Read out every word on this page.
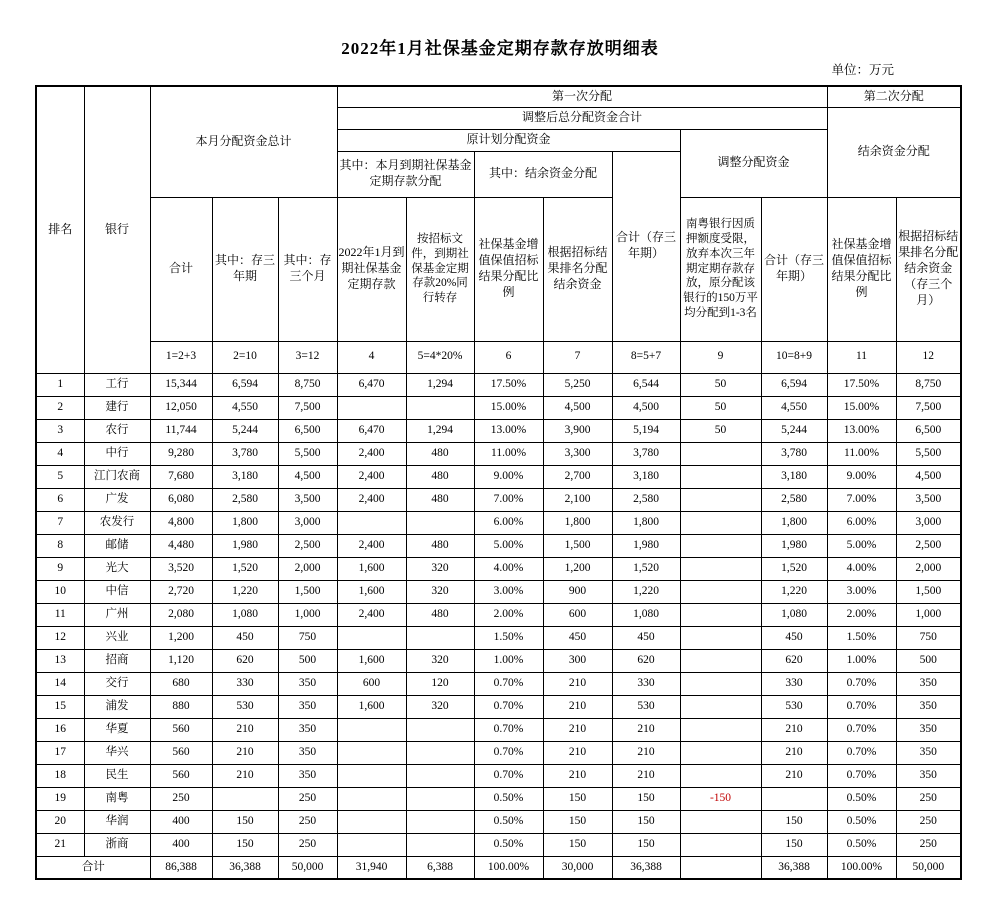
2022年1月社保基金定期存款存放明细表
单位：万元
排名	银行	本月分配资金总计			第一次分配							第二次分配	
					调整后总分配资金合计							结余资金分配	
					原计划分配资金					调整分配资金			
					其中：本月到期社保基金定期存款分配		其中：结余资金分配		合计（存三年期）				
		合计	其中：存三年期	其中：存三个月	2022年1月到期社保基金定期存款	按招标文件，到期社保基金定期存款20%同行转存	社保基金增值保值招标结果分配比例	根据招标结果排名分配结余资金		南粤银行因质押额度受限，放弃本次三年期定期存款存放，原分配该银行的150万平均分配到1-3名	合计（存三年期）	社保基金增值保值招标结果分配比例	根据招标结果排名分配结余资金（存三个月）
		1=2+3	2=10	3=12	4	5=4*20%	6	7	8=5+7	9	10=8+9	11	12
1	工行	15,344	6,594	8,750	6,470	1,294	17.50%	5,250	6,544	50	6,594	17.50%	8,750
2	建行	12,050	4,550	7,500			15.00%	4,500	4,500	50	4,550	15.00%	7,500
3	农行	11,744	5,244	6,500	6,470	1,294	13.00%	3,900	5,194	50	5,244	13.00%	6,500
4	中行	9,280	3,780	5,500	2,400	480	11.00%	3,300	3,780		3,780	11.00%	5,500
5	江门农商	7,680	3,180	4,500	2,400	480	9.00%	2,700	3,180		3,180	9.00%	4,500
6	广发	6,080	2,580	3,500	2,400	480	7.00%	2,100	2,580		2,580	7.00%	3,500
7	农发行	4,800	1,800	3,000			6.00%	1,800	1,800		1,800	6.00%	3,000
8	邮储	4,480	1,980	2,500	2,400	480	5.00%	1,500	1,980		1,980	5.00%	2,500
9	光大	3,520	1,520	2,000	1,600	320	4.00%	1,200	1,520		1,520	4.00%	2,000
10	中信	2,720	1,220	1,500	1,600	320	3.00%	900	1,220		1,220	3.00%	1,500
11	广州	2,080	1,080	1,000	2,400	480	2.00%	600	1,080		1,080	2.00%	1,000
12	兴业	1,200	450	750			1.50%	450	450		450	1.50%	750
13	招商	1,120	620	500	1,600	320	1.00%	300	620		620	1.00%	500
14	交行	680	330	350	600	120	0.70%	210	330		330	0.70%	350
15	浦发	880	530	350	1,600	320	0.70%	210	530		530	0.70%	350
16	华夏	560	210	350			0.70%	210	210		210	0.70%	350
17	华兴	560	210	350			0.70%	210	210		210	0.70%	350
18	民生	560	210	350			0.70%	210	210		210	0.70%	350
19	南粤	250		250			0.50%	150	150	-150		0.50%	250
20	华润	400	150	250			0.50%	150	150		150	0.50%	250
21	浙商	400	150	250			0.50%	150	150		150	0.50%	250
合计		86,388	36,388	50,000	31,940	6,388	100.00%	30,000	36,388		36,388	100.00%	50,000
